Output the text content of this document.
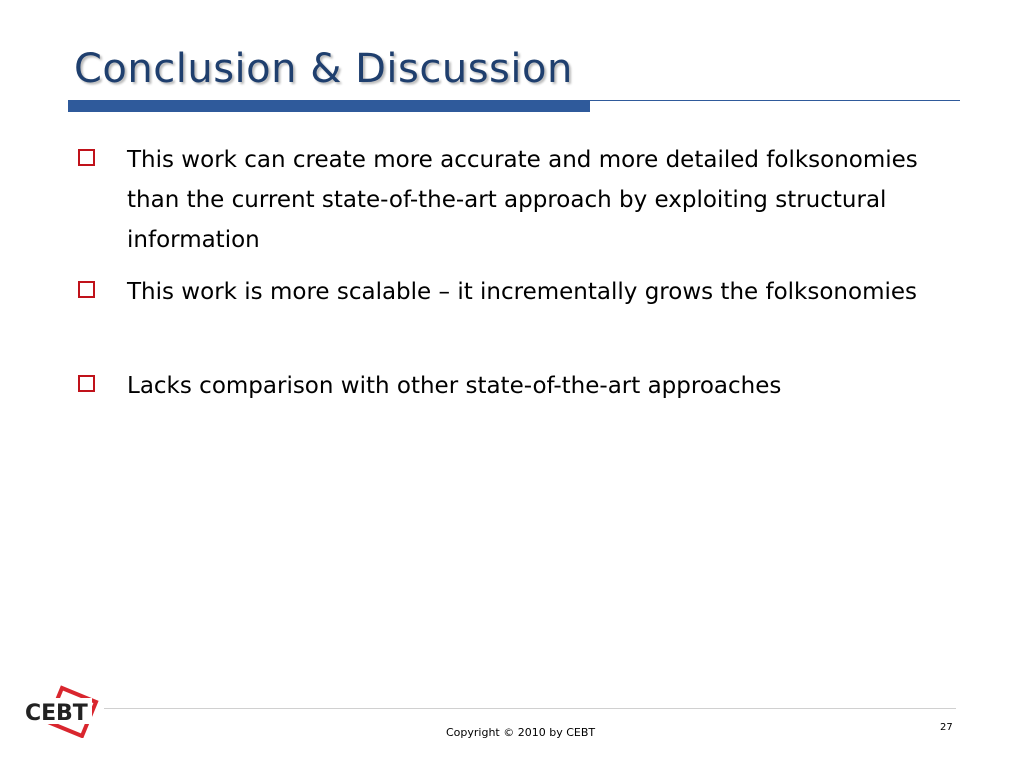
Conclusion & Discussion
This work can create more accurate and more detailed folksonomies than the current state-of-the-art approach by exploiting structural information
This work is more scalable – it incrementally grows the folksonomies
Lacks comparison with other state-of-the-art approaches
CE BT
Copyright © 2010 by CEBT	27
